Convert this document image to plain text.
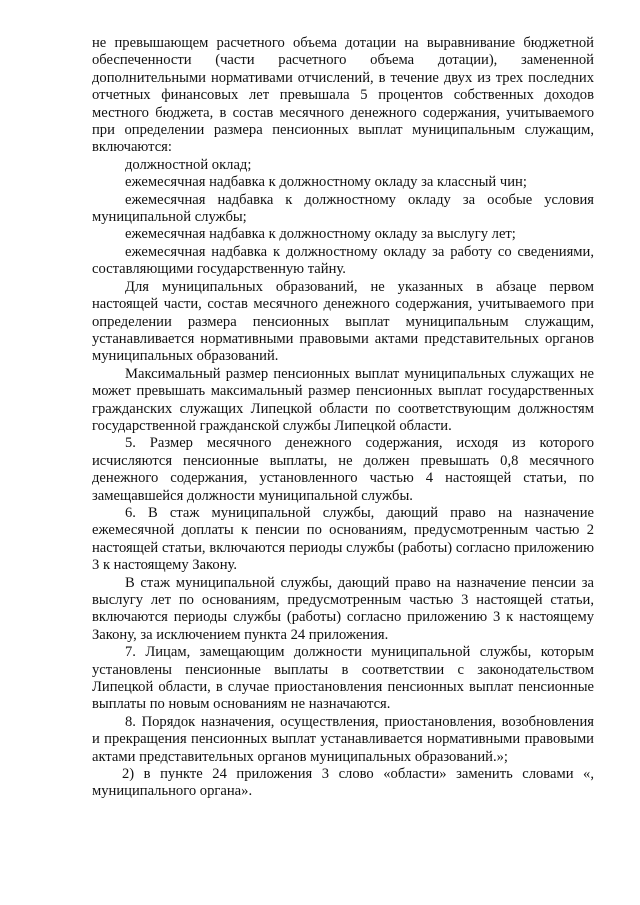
не превышающем расчетного объема дотации на выравнивание бюджетной обеспеченности (части расчетного объема дотации), замененной дополнительными нормативами отчислений, в течение двух из трех последних отчетных финансовых лет превышала 5 процентов собственных доходов местного бюджета, в состав месячного денежного содержания, учитываемого при определении размера пенсионных выплат муниципальным служащим, включаются:

должностной оклад;

ежемесячная надбавка к должностному окладу за классный чин;

ежемесячная надбавка к должностному окладу за особые условия муниципальной службы;

ежемесячная надбавка к должностному окладу за выслугу лет;

ежемесячная надбавка к должностному окладу за работу со сведениями, составляющими государственную тайну.

Для муниципальных образований, не указанных в абзаце первом настоящей части, состав месячного денежного содержания, учитываемого при определении размера пенсионных выплат муниципальным служащим, устанавливается нормативными правовыми актами представительных органов муниципальных образований.

Максимальный размер пенсионных выплат муниципальных служащих не может превышать максимальный размер пенсионных выплат государственных гражданских служащих Липецкой области по соответствующим должностям государственной гражданской службы Липецкой области.

5. Размер месячного денежного содержания, исходя из которого исчисляются пенсионные выплаты, не должен превышать 0,8 месячного денежного содержания, установленного частью 4 настоящей статьи, по замещавшейся должности муниципальной службы.

6. В стаж муниципальной службы, дающий право на назначение ежемесячной доплаты к пенсии по основаниям, предусмотренным частью 2 настоящей статьи, включаются периоды службы (работы) согласно приложению 3 к настоящему Закону.

В стаж муниципальной службы, дающий право на назначение пенсии за выслугу лет по основаниям, предусмотренным частью 3 настоящей статьи, включаются периоды службы (работы) согласно приложению 3 к настоящему Закону, за исключением пункта 24 приложения.

7. Лицам, замещающим должности муниципальной службы, которым установлены пенсионные выплаты в соответствии с законодательством Липецкой области, в случае приостановления пенсионных выплат пенсионные выплаты по новым основаниям не назначаются.

8. Порядок назначения, осуществления, приостановления, возобновления и прекращения пенсионных выплат устанавливается нормативными правовыми актами представительных органов муниципальных образований.»;

2) в пункте 24 приложения 3 слово «области» заменить словами «, муниципального органа».
